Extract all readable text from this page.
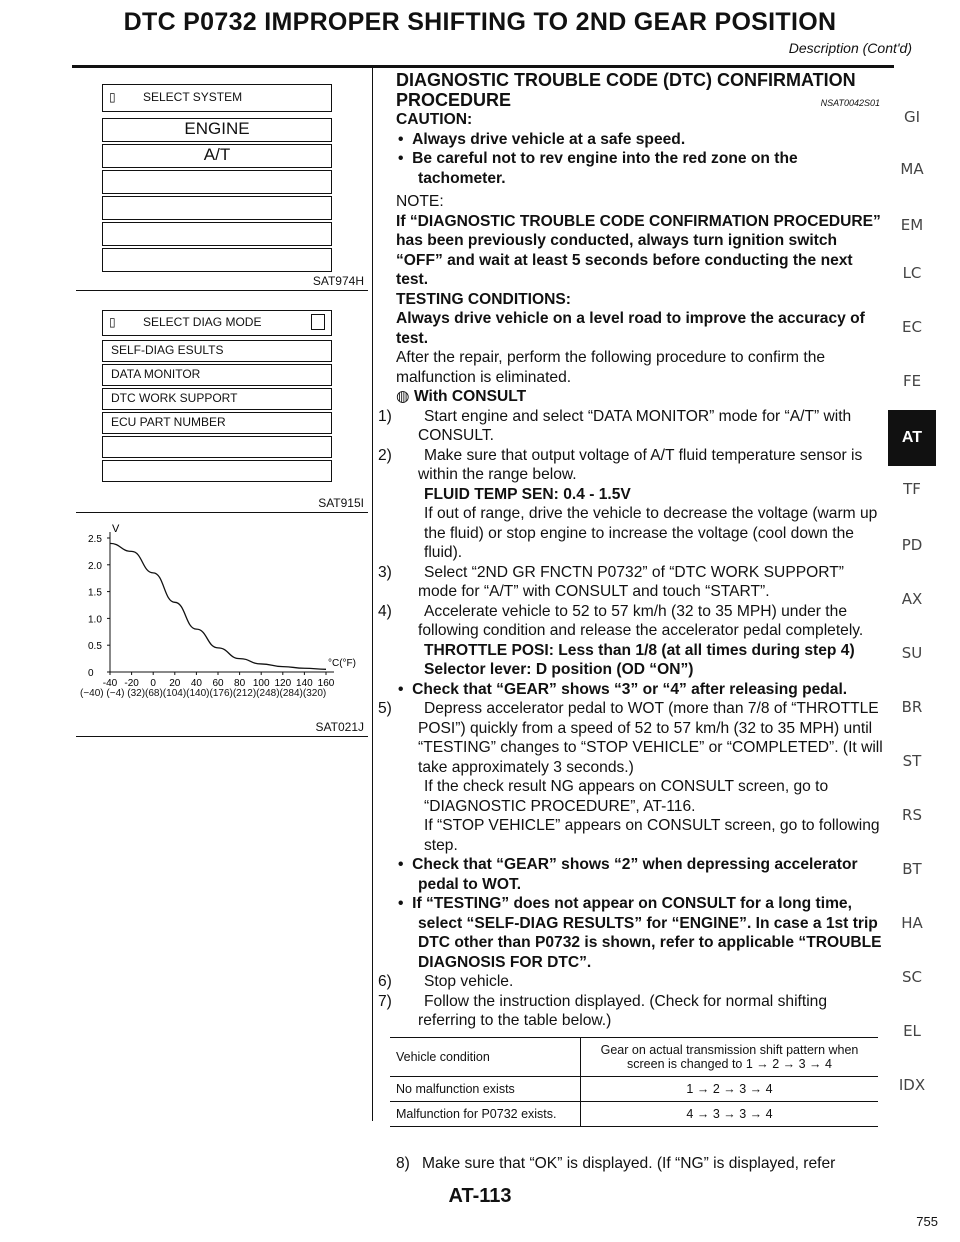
DTC P0732 IMPROPER SHIFTING TO 2ND GEAR POSITION
Description (Cont'd)
▯ SELECT SYSTEM
ENGINE
A/T
SAT974H
▯ SELECT DIAG MODE
SELF-DIAG ESULTS
DATA MONITOR
DTC WORK SUPPORT
ECU PART NUMBER
SAT915I
V
°C(°F)
2.5
2.0
1.5
1.0
0.5
0
-40 -20 0 20 40 60 80 100 120 140 160
(−40) (−4) (32)(68)(104)(140)(176)(212)(248)(284)(320)
SAT021J
DIAGNOSTIC TROUBLE CODE (DTC) CONFIRMATION PROCEDURE	NSAT0042S01
CAUTION:
•  Always drive vehicle at a safe speed.
•  Be careful not to rev engine into the red zone on the tachometer.
NOTE:
If “DIAGNOSTIC TROUBLE CODE CONFIRMATION PROCEDURE” has been previously conducted, always turn ignition switch “OFF” and wait at least 5 seconds before conducting the next test.
TESTING CONDITIONS:
Always drive vehicle on a level road to improve the accuracy of test.
After the repair, perform the following procedure to confirm the malfunction is eliminated.
◍ With CONSULT
1) Start engine and select “DATA MONITOR” mode for “A/T” with CONSULT.
2) Make sure that output voltage of A/T fluid temperature sensor is within the range below.
FLUID TEMP SEN: 0.4 - 1.5V
If out of range, drive the vehicle to decrease the voltage (warm up the fluid) or stop engine to increase the voltage (cool down the fluid).
3) Select “2ND GR FNCTN P0732” of “DTC WORK SUPPORT” mode for “A/T” with CONSULT and touch “START”.
4) Accelerate vehicle to 52 to 57 km/h (32 to 35 MPH) under the following condition and release the accelerator pedal completely.
THROTTLE POSI: Less than 1/8 (at all times during step 4)
Selector lever: D position (OD “ON”)
•  Check that “GEAR” shows “3” or “4” after releasing pedal.
5) Depress accelerator pedal to WOT (more than 7/8 of “THROTTLE POSI”) quickly from a speed of 52 to 57 km/h (32 to 35 MPH) until “TESTING” changes to “STOP VEHICLE” or “COMPLETED”. (It will take approximately 3 seconds.)
If the check result NG appears on CONSULT screen, go to “DIAGNOSTIC PROCEDURE”, AT-116.
If “STOP VEHICLE” appears on CONSULT screen, go to following step.
•  Check that “GEAR” shows “2” when depressing accelerator pedal to WOT.
•  If “TESTING” does not appear on CONSULT for a long time, select “SELF-DIAG RESULTS” for “ENGINE”. In case a 1st trip DTC other than P0732 is shown, refer to applicable “TROUBLE DIAGNOSIS FOR DTC”.
6) Stop vehicle.
7) Follow the instruction displayed. (Check for normal shifting referring to the table below.)
Vehicle condition	Gear on actual transmission shift pattern when screen is changed to 1 → 2 → 3 → 4
No malfunction exists	1 → 2 → 3 → 4
Malfunction for P0732 exists.	4 → 3 → 3 → 4
8) Make sure that “OK” is displayed. (If “NG” is displayed, refer
GI
MA
EM
LC
EC
FE
AT
TF
PD
AX
SU
BR
ST
RS
BT
HA
SC
EL
IDX
AT-113
755
